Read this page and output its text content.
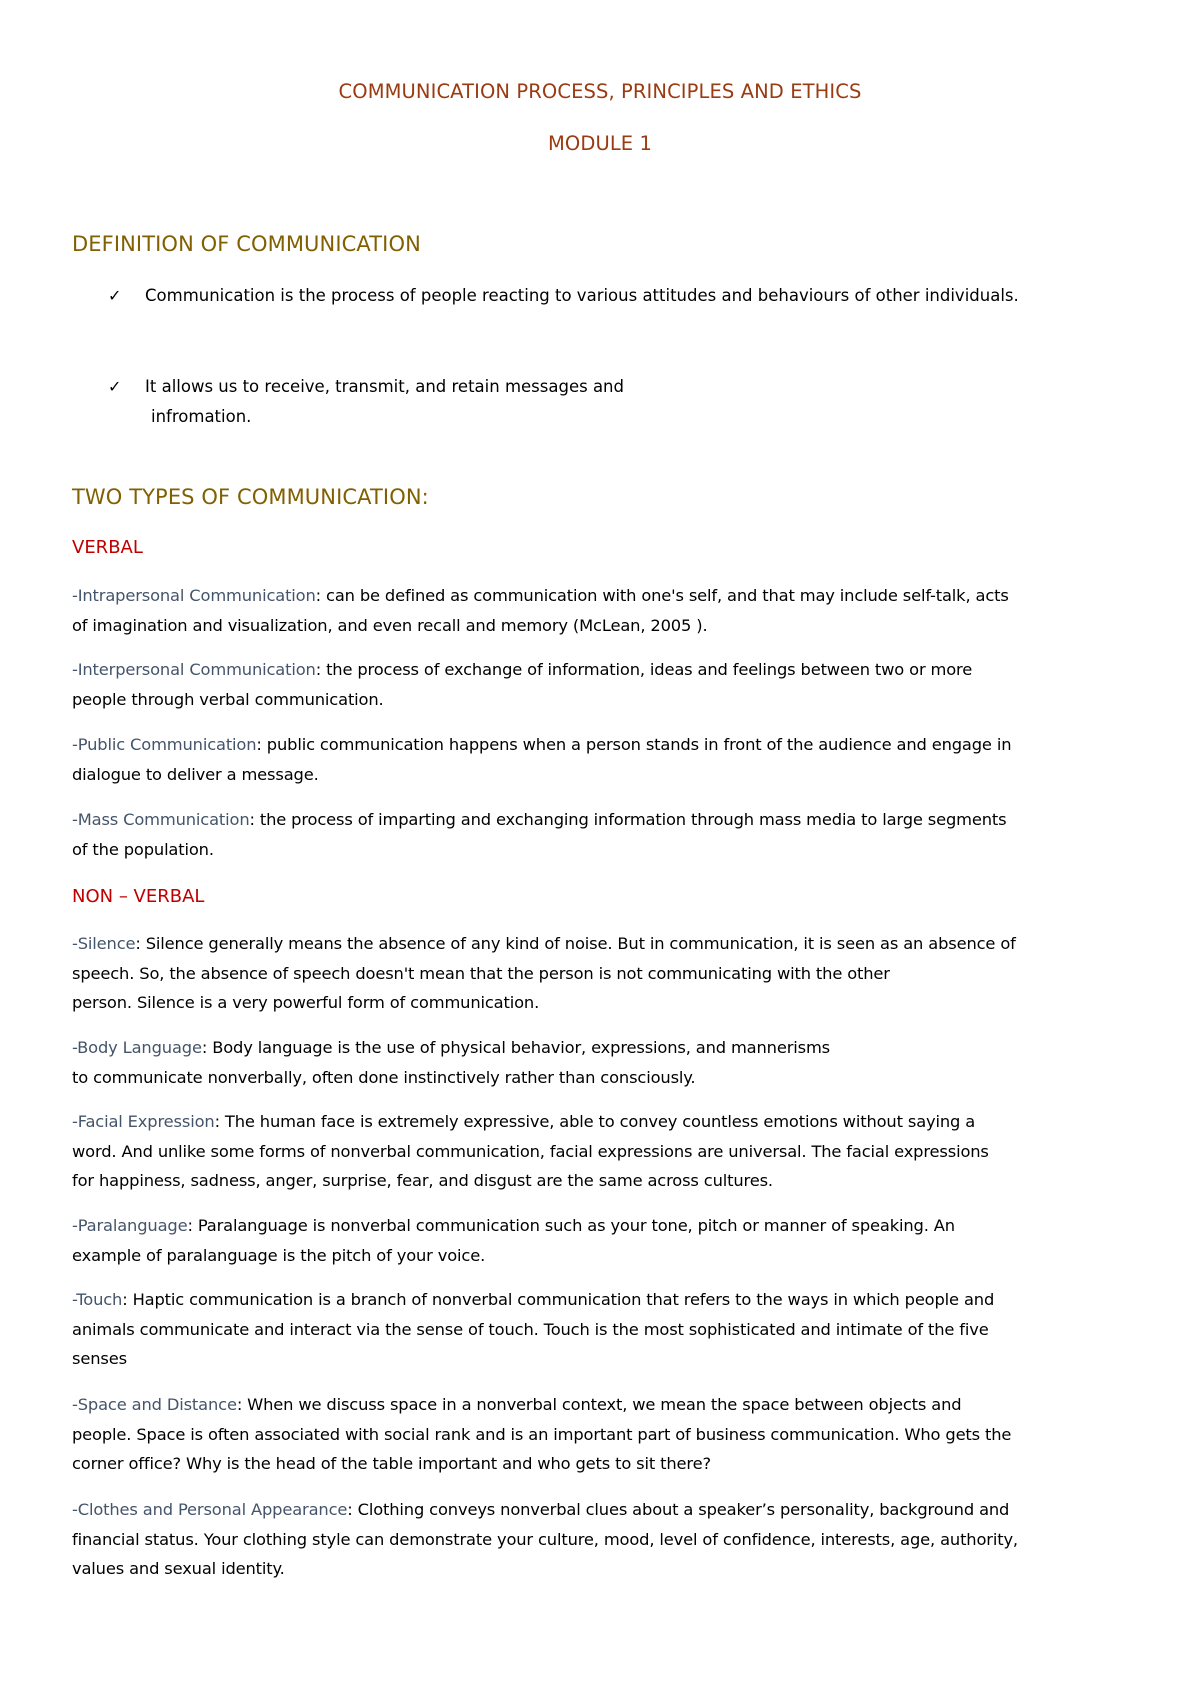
COMMUNICATION PROCESS, PRINCIPLES AND ETHICS
MODULE 1
DEFINITION OF COMMUNICATION
✓ Communication is the process of people reacting to various attitudes and behaviours of other individuals.
✓ It allows us to receive, transmit, and retain messages and
infromation.
TWO TYPES OF COMMUNICATION:
VERBAL
-Intrapersonal Communication: can be defined as communication with one's self, and that may include self-talk, acts
of imagination and visualization, and even recall and memory (McLean, 2005 ).
-Interpersonal Communication: the process of exchange of information, ideas and feelings between two or more
people through verbal communication.
-Public Communication: public communication happens when a person stands in front of the audience and engage in
dialogue to deliver a message.
-Mass Communication: the process of imparting and exchanging information through mass media to large segments
of the population.
NON – VERBAL
-Silence: Silence generally means the absence of any kind of noise. But in communication, it is seen as an absence of
speech. So, the absence of speech doesn't mean that the person is not communicating with the other
person. Silence is a very powerful form of communication.
-Body Language: Body language is the use of physical behavior, expressions, and mannerisms
to communicate nonverbally, often done instinctively rather than consciously.
-Facial Expression: The human face is extremely expressive, able to convey countless emotions without saying a
word. And unlike some forms of nonverbal communication, facial expressions are universal. The facial expressions
for happiness, sadness, anger, surprise, fear, and disgust are the same across cultures.
-Paralanguage: Paralanguage is nonverbal communication such as your tone, pitch or manner of speaking. An
example of paralanguage is the pitch of your voice.
-Touch: Haptic communication is a branch of nonverbal communication that refers to the ways in which people and
animals communicate and interact via the sense of touch. Touch is the most sophisticated and intimate of the five
senses
-Space and Distance: When we discuss space in a nonverbal context, we mean the space between objects and
people. Space is often associated with social rank and is an important part of business communication. Who gets the
corner office? Why is the head of the table important and who gets to sit there?
-Clothes and Personal Appearance: Clothing conveys nonverbal clues about a speaker’s personality, background and
financial status. Your clothing style can demonstrate your culture, mood, level of confidence, interests, age, authority,
values and sexual identity.
